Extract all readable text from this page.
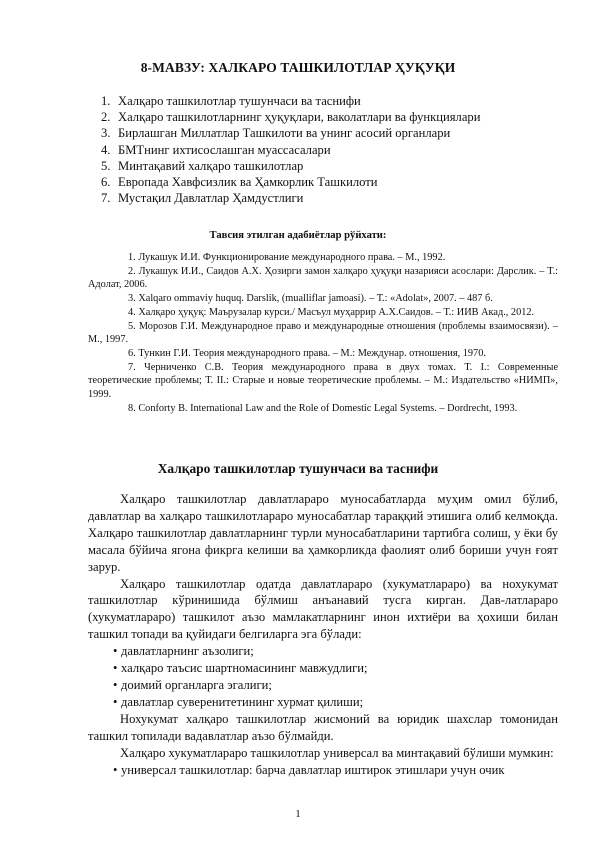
8-МАВЗУ: ХАЛКАРО ТАШКИЛОТЛАР ҲУҚУҚИ
1. Халқаро ташкилотлар тушунчаси ва таснифи
2. Халқаро ташкилотларнинг ҳуқуқлари, ваколатлари ва функциялари
3. Бирлашган Миллатлар Ташкилоти ва унинг асосий органлари
4. БМТнинг ихтисослашган муассасалари
5. Минтақавий халқаро ташкилотлар
6. Европада Хавфсизлик ва Ҳамкорлик Ташкилоти
7. Мустақил Давлатлар Ҳамдустлиги
Тавсия этилган адабиётлар рўйхати:

1. Лукашук И.И. Функционирование международного права. – М., 1992.

2. Лукашук И.И., Саидов А.Х. Ҳозирги замон халқаро ҳуқуқи назарияси асослари: Дарслик. – Т.: Адолат, 2006.

3. Xalqaro ommaviy huquq. Darslik, (mualliflar jamoasi). – Т.: «Adolat», 2007. – 487 б.

4. Халқаро ҳуқуқ: Маърузалар курси./ Масъул муҳаррир А.Х.Саидов. – Т.: ИИВ Акад., 2012.

5. Морозов Г.И. Международное право и международные отношения (проблемы взаимосвязи). – М., 1997.

6. Тункин Г.И. Теория международного права. – М.: Междунар. отношения, 1970.

7. Черниченко С.В. Теория международного права в двух томах. Т. I.: Современные теоретические проблемы; Т. II.: Старые и новые теоретические проблемы. – М.: Издательство «НИМП», 1999.

8. Conforty B. International Law and the Role of Domestic Legal Systems. – Dordrecht, 1993.

Халқаро ташкилотлар тушунчаси ва таснифи

Халқаро ташкилотлар давлатлараро муносабатларда муҳим омил бўлиб, давлатлар ва халқаро ташкилотлараро муносабатлар тараққий этишига олиб келмоқда. Халқаро ташкилотлар давлатларнинг турли муносабатларини тартибга солиш, у ёки бу масала бўйича ягона фикрга келиши ва ҳамкорликда фаолият олиб бориши учун ғоят зарур.

Халқаро ташкилотлар одатда давлатлараро (хукуматлараро) ва нохукумат ташкилотлар кўринишида бўлмиш анъанавий тусга кирган. Дав-латлараро (хукуматлараро) ташкилот аъзо мамлакатларнинг инон ихтиёри ва ҳохиши билан ташкил топади ва қуйидаги белгиларга эга бўлади:

• давлатларнинг аъзолиги;
• халқаро таъсис шартномасининг мавжудлиги;
• доимий органларга эгалиги;
• давлатлар суверенитетининг хурмат қилиши;

Нохукумат халқаро ташкилотлар жисмоний ва юридик шахслар томонидан ташкил топилади вадавлатлар аъзо бўлмайди.

Халқаро хукуматлараро ташкилотлар универсал ва минтақавий бўлиши мумкин:

• универсал ташкилотлар: барча давлатлар иштирок этишлари учун очик
1
